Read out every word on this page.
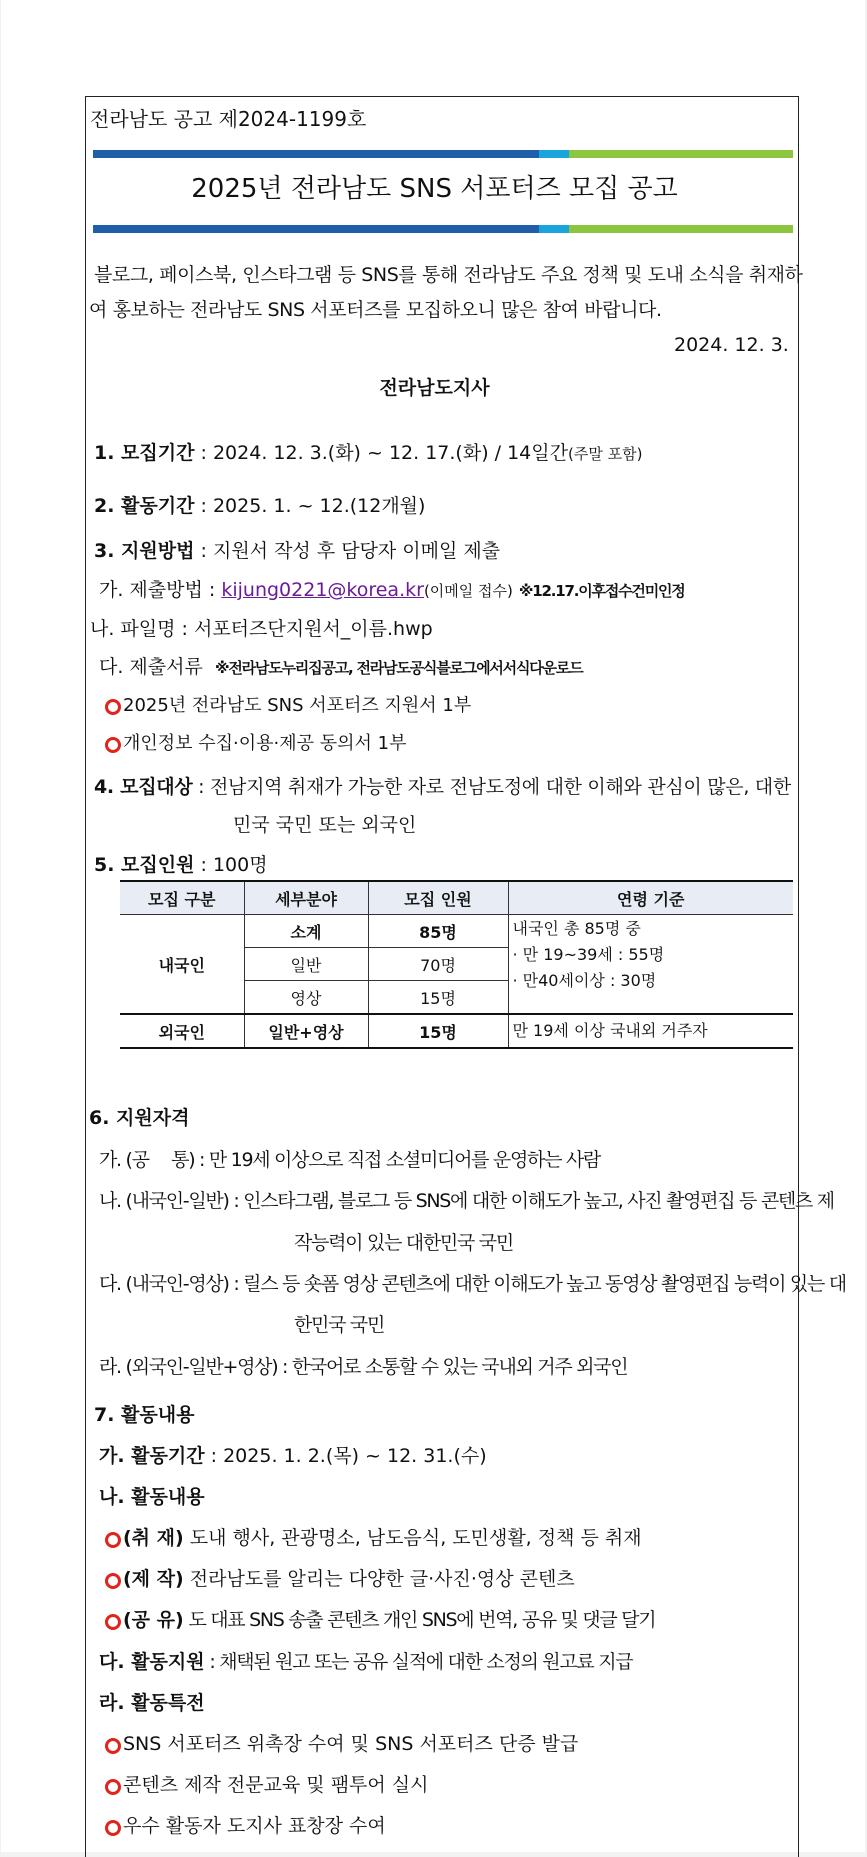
전라남도 공고 제2024-1199호
2025년 전라남도 SNS 서포터즈 모집 공고
블로그, 페이스북, 인스타그램 등 SNS를 통해 전라남도 주요 정책 및 도내 소식을 취재하
여 홍보하는 전라남도 SNS 서포터즈를 모집하오니 많은 참여 바랍니다.
2024. 12. 3.
전라남도지사
1. 모집기간 : 2024. 12. 3.(화) ~ 12. 17.(화) / 14일간(주말 포함)
2. 활동기간 : 2025. 1. ~ 12.(12개월)
3. 지원방법 : 지원서 작성 후 담당자 이메일 제출
가. 제출방법 : kijung0221@korea.kr(이메일 접수) ※12.17.이후접수건미인정
나. 파일명 : 서포터즈단지원서_이름.hwp
다. 제출서류 ※전라남도누리집공고, 전라남도공식블로그에서서식다운로드
2025년 전라남도 SNS 서포터즈 지원서 1부
개인정보 수집·이용·제공 동의서 1부
4. 모집대상 : 전남지역 취재가 가능한 자로 전남도정에 대한 이해와 관심이 많은, 대한
민국 국민 또는 외국인
5. 모집인원 : 100명
모집 구분	세부분야	모집 인원	연령 기준
내국인	소계	85명	내국인 총 85명 중
· 만 19~39세 : 55명
· 만40세이상 : 30명

	일반	70명	
	영상	15명	
외국인	일반+영상	15명	만 19세 이상 국내외 거주자
6. 지원자격
가. (공　 통) : 만 19세 이상으로 직접 소셜미디어를 운영하는 사람
나. (내국인-일반) : 인스타그램, 블로그 등 SNS에 대한 이해도가 높고, 사진 촬영편집 등 콘텐츠 제
작능력이 있는 대한민국 국민
다. (내국인-영상) : 릴스 등 숏폼 영상 콘텐츠에 대한 이해도가 높고 동영상 촬영편집 능력이 있는 대
한민국 국민
라. (외국인-일반+영상) : 한국어로 소통할 수 있는 국내외 거주 외국인
7. 활동내용
가. 활동기간 : 2025. 1. 2.(목) ~ 12. 31.(수)
나. 활동내용
(취 재) 도내 행사, 관광명소, 남도음식, 도민생활, 정책 등 취재
(제 작) 전라남도를 알리는 다양한 글·사진·영상 콘텐츠
(공 유) 도 대표 SNS 송출 콘텐츠 개인 SNS에 번역, 공유 및 댓글 달기
다. 활동지원 : 채택된 원고 또는 공유 실적에 대한 소정의 원고료 지급
라. 활동특전
SNS 서포터즈 위촉장 수여 및 SNS 서포터즈 단증 발급
콘텐츠 제작 전문교육 및 팸투어 실시
우수 활동자 도지사 표창장 수여
